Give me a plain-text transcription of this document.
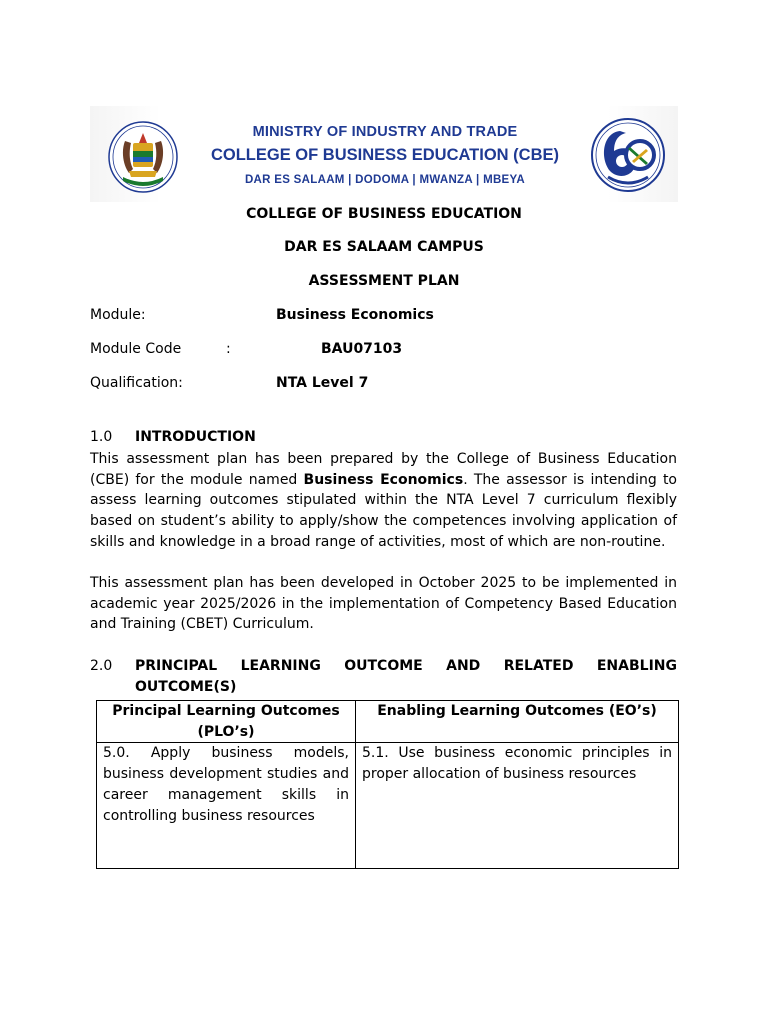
MINISTRY OF INDUSTRY AND TRADE
COLLEGE OF BUSINESS EDUCATION (CBE)
DAR ES SALAAM | DODOMA | MWANZA | MBEYA
COLLEGE OF BUSINESS EDUCATION
DAR ES SALAAM CAMPUS
ASSESSMENT PLAN
Module:	Business Economics
Module Code	:	BAU07103
Qualification:	NTA Level 7
1.0 INTRODUCTION

This assessment plan has been prepared by the College of Business Education (CBE) for the module named Business Economics. The assessor is intending to assess learning outcomes stipulated within the NTA Level 7 curriculum flexibly based on student’s ability to apply/show the competences involving application of skills and knowledge in a broad range of activities, most of which are non-routine.

This assessment plan has been developed in October 2025 to be implemented in academic year 2025/2026 in the implementation of Competency Based Education and Training (CBET) Curriculum.

2.0 PRINCIPAL LEARNING OUTCOME AND RELATED ENABLING

OUTCOME(S)
Principal Learning Outcomes (PLO’s)	Enabling Learning Outcomes (EO’s)
5.0. Apply business models, business development studies and career management skills in controlling business resources	5.1. Use business economic principles in proper allocation of business resources
